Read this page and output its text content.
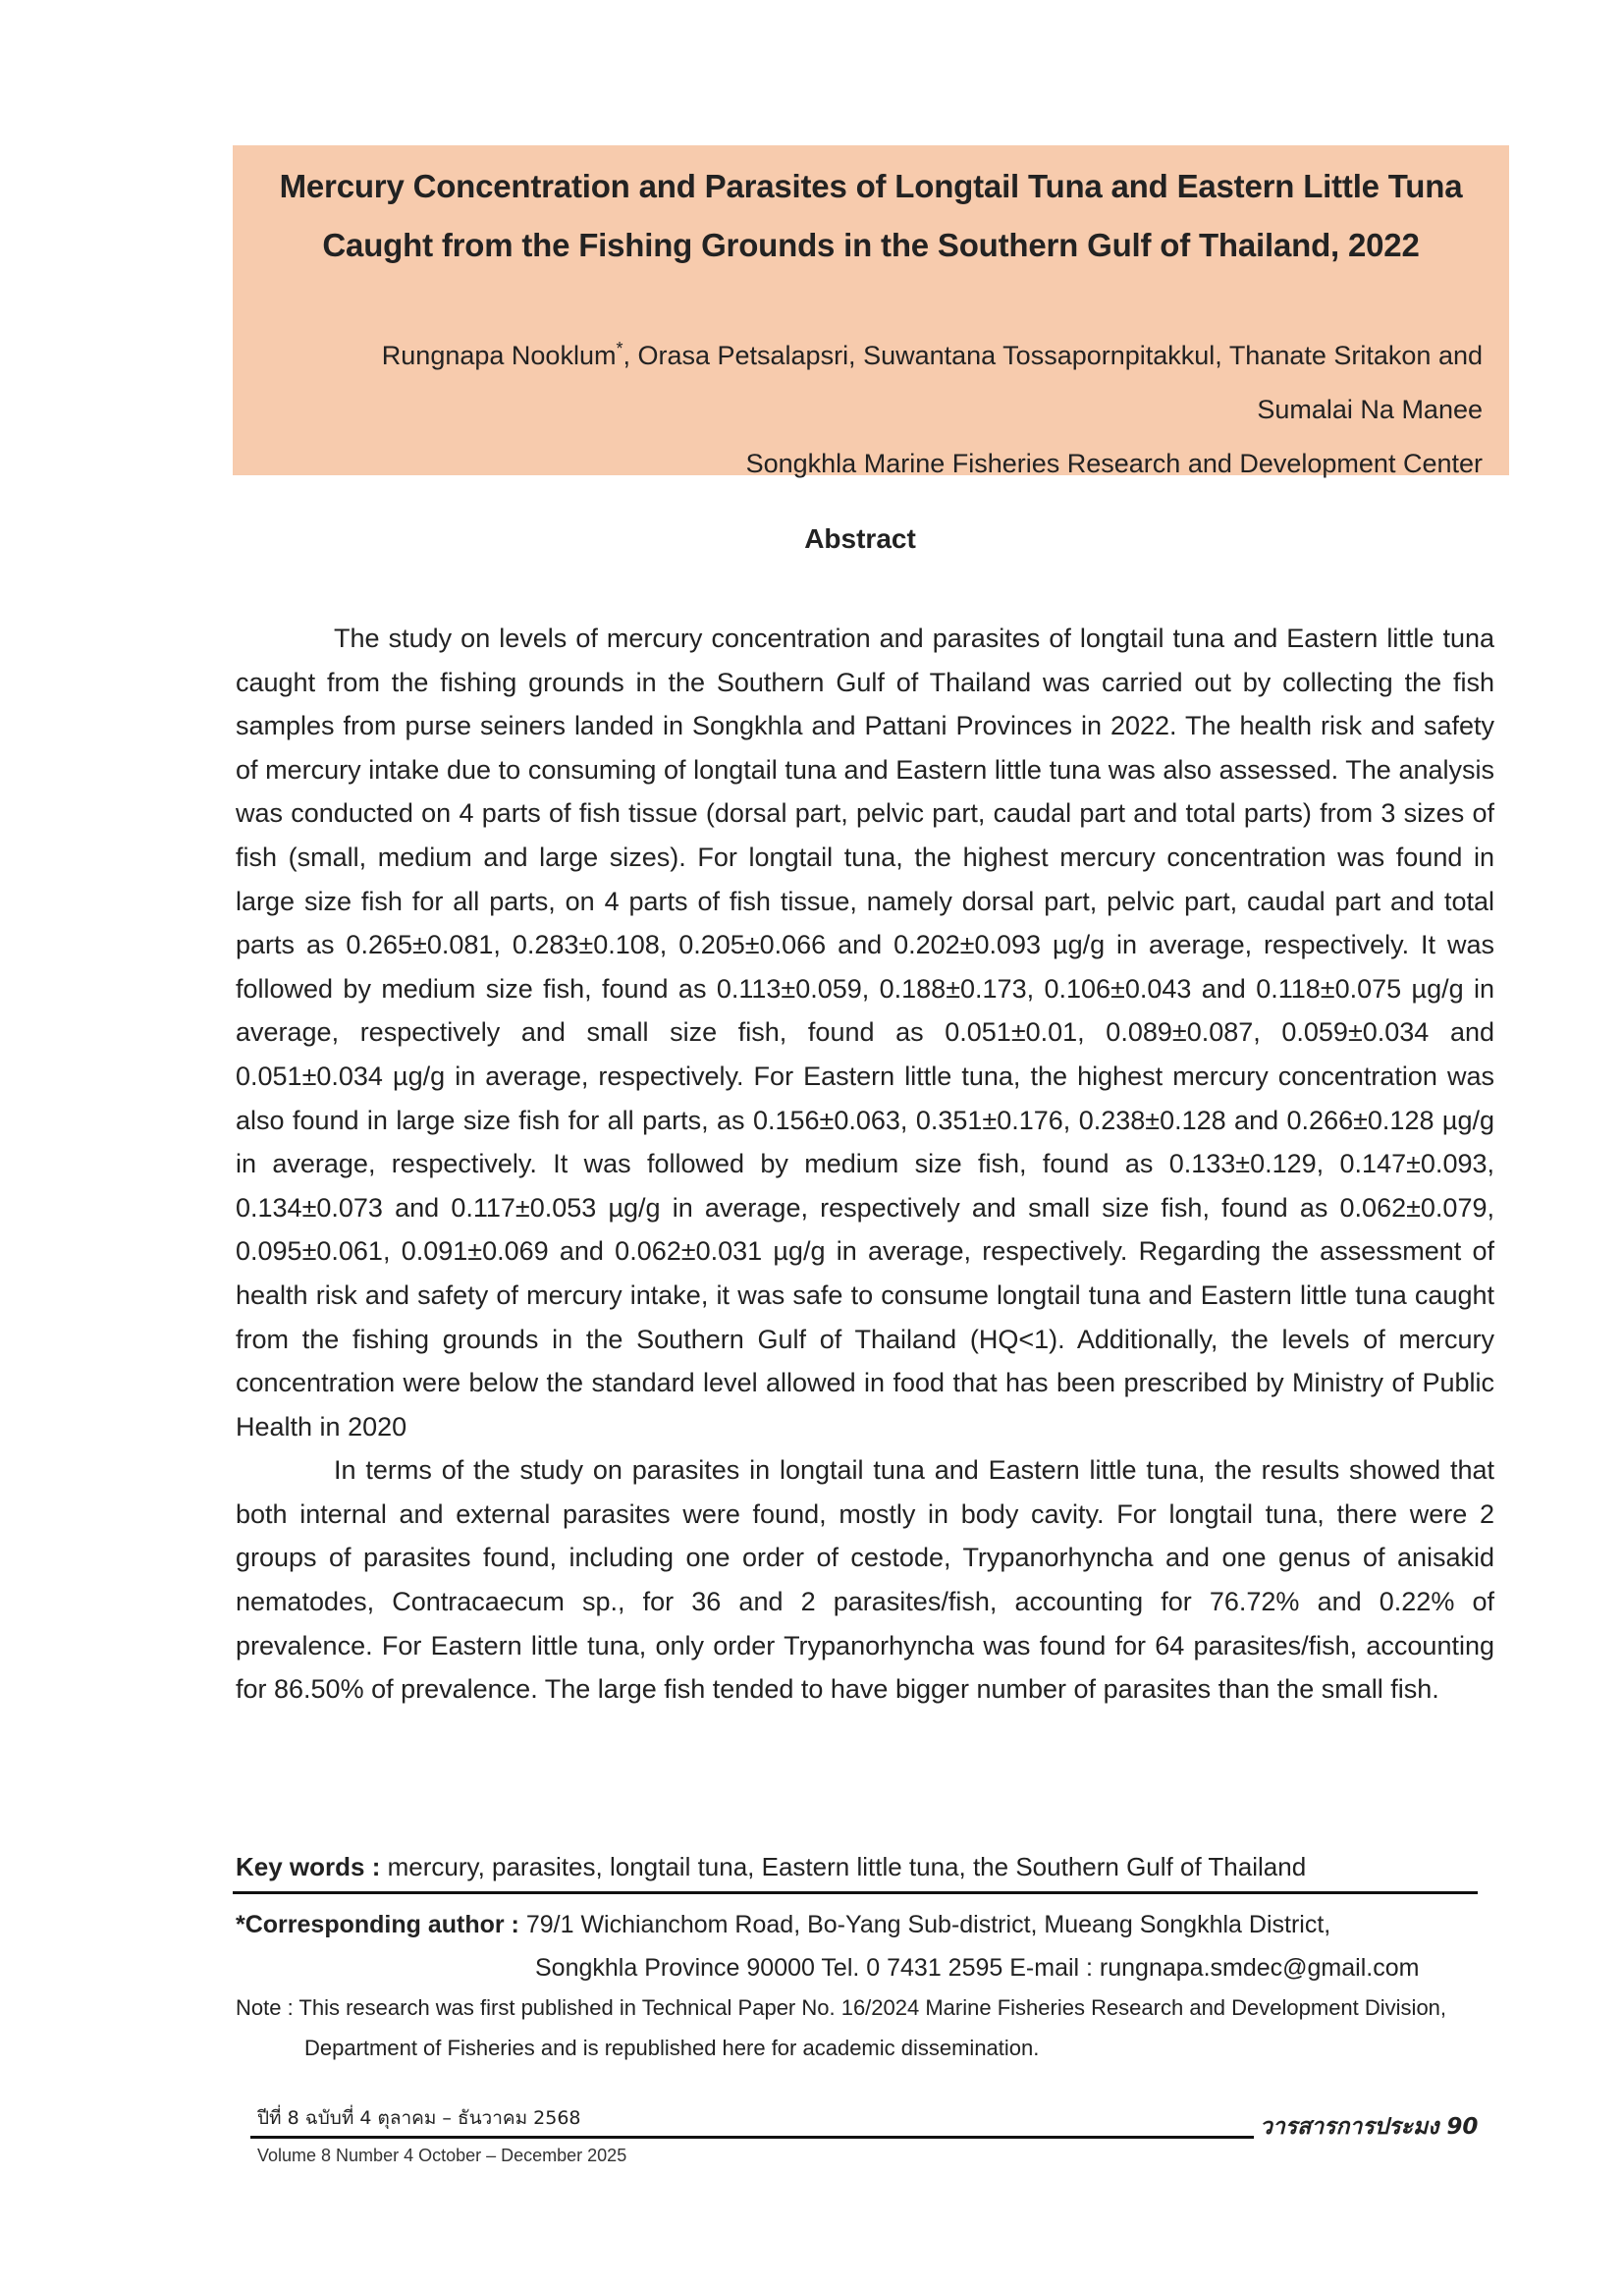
Mercury Concentration and Parasites of Longtail Tuna and Eastern Little Tuna
Caught from the Fishing Grounds in the Southern Gulf of Thailand, 2022
Rungnapa Nooklum*, Orasa Petsalapsri, Suwantana Tossapornpitakkul, Thanate Sritakon and
Sumalai Na Manee
Songkhla Marine Fisheries Research and Development Center
Abstract

The study on levels of mercury concentration and parasites of longtail tuna and Eastern little tuna caught from the fishing grounds in the Southern Gulf of Thailand was carried out by collecting the fish samples from purse seiners landed in Songkhla and Pattani Provinces in 2022. The health risk and safety of mercury intake due to consuming of longtail tuna and Eastern little tuna was also assessed. The analysis was conducted on 4 parts of fish tissue (dorsal part, pelvic part, caudal part and total parts) from 3 sizes of fish (small, medium and large sizes). For longtail tuna, the highest mercury concentration was found in large size fish for all parts, on 4 parts of fish tissue, namely dorsal part, pelvic part, caudal part and total parts as 0.265±0.081, 0.283±0.108, 0.205±0.066 and 0.202±0.093 µg/g in average, respectively. It was followed by medium size fish, found as 0.113±0.059, 0.188±0.173, 0.106±0.043 and 0.118±0.075 µg/g in average, respectively and small size fish, found as 0.051±0.01, 0.089±0.087, 0.059±0.034 and 0.051±0.034 µg/g in average, respectively. For Eastern little tuna, the highest mercury concentration was also found in large size fish for all parts, as 0.156±0.063, 0.351±0.176, 0.238±0.128 and 0.266±0.128 µg/g in average, respectively. It was followed by medium size fish, found as 0.133±0.129, 0.147±0.093, 0.134±0.073 and 0.117±0.053 µg/g in average, respectively and small size fish, found as 0.062±0.079, 0.095±0.061, 0.091±0.069 and 0.062±0.031 µg/g in average, respectively. Regarding the assessment of health risk and safety of mercury intake, it was safe to consume longtail tuna and Eastern little tuna caught from the fishing grounds in the Southern Gulf of Thailand (HQ<1). Additionally, the levels of mercury concentration were below the standard level allowed in food that has been prescribed by Ministry of Public Health in 2020

In terms of the study on parasites in longtail tuna and Eastern little tuna, the results showed that both internal and external parasites were found, mostly in body cavity. For longtail tuna, there were 2 groups of parasites found, including one order of cestode, Trypanorhyncha and one genus of anisakid nematodes, Contracaecum sp., for 36 and 2 parasites/fish, accounting for 76.72% and 0.22% of prevalence. For Eastern little tuna, only order Trypanorhyncha was found for 64 parasites/fish, accounting for 86.50% of prevalence. The large fish tended to have bigger number of parasites than the small fish.

Key words : mercury, parasites, longtail tuna, Eastern little tuna, the Southern Gulf of Thailand
*Corresponding author : 79/1 Wichianchom Road, Bo-Yang Sub-district, Mueang Songkhla District,
Songkhla Province 90000 Tel. 0 7431 2595 E-mail : rungnapa.smdec@gmail.com
Note : This research was first published in Technical Paper No. 16/2024 Marine Fisheries Research and Development Division,
Department of Fisheries and is republished here for academic dissemination.
ปีที่ 8 ฉบับที่ 4 ตุลาคม – ธันวาคม 2568	วารสารการประมง 90
Volume 8 Number 4 October – December 2025
